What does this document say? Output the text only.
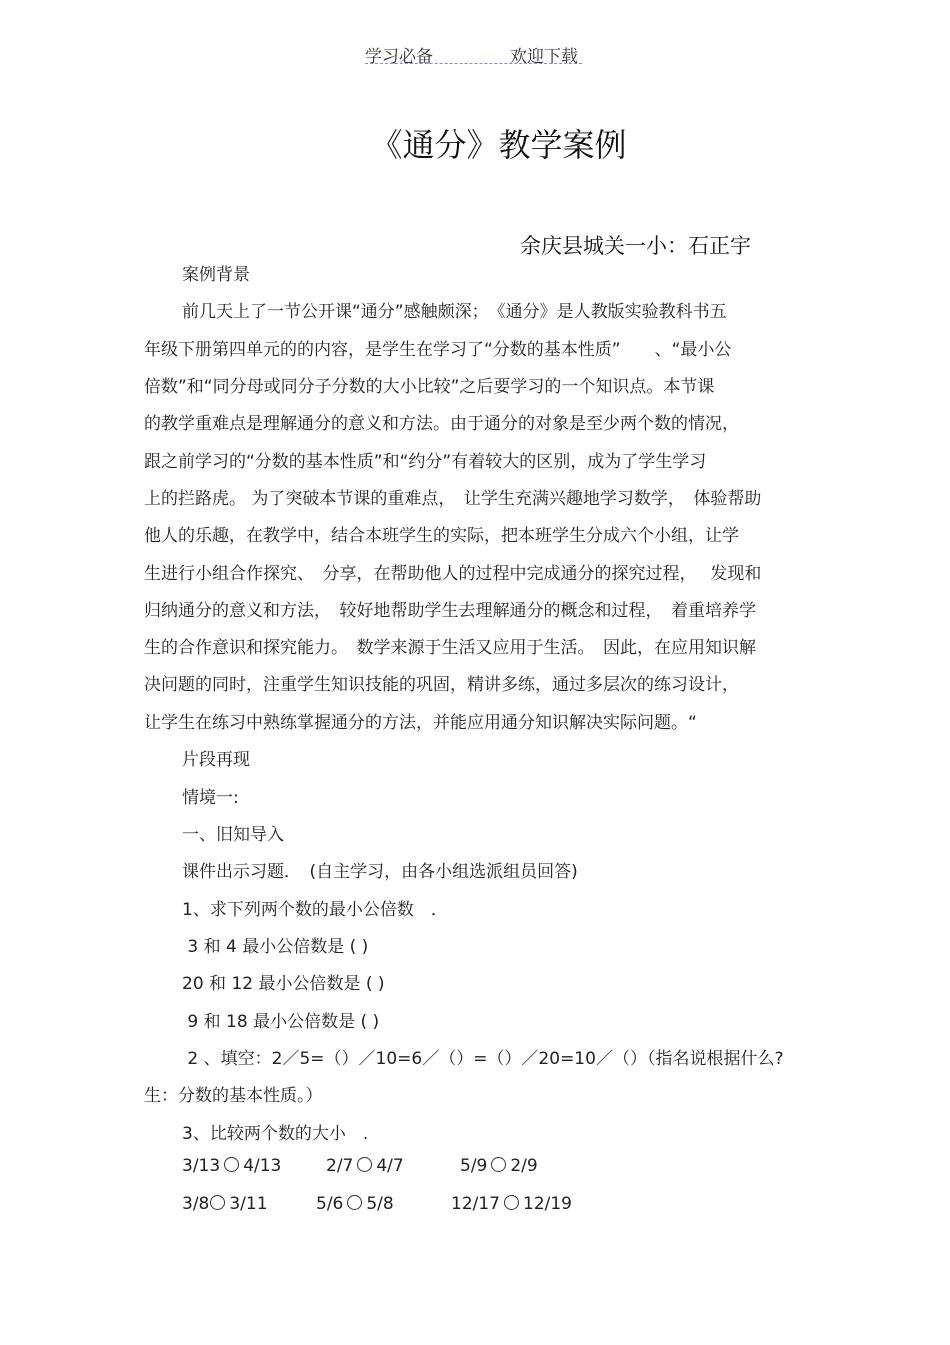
学习必备	欢迎下载
《通分》教学案例
余庆县城关一小：石正宇
案例背景
前几天上了一节公开课“通分”感触颇深；　《通分》是人教版实验教科书五
年级下册第四单元的的内容，是学生在学习了“分数的基本性质”　　、“最小公
倍数”和“同分母或同分子分数的大小比较”之后要学习的一个知识点。本节课
的教学重难点是理解通分的意义和方法。由于通分的对象是至少两个数的情况，
跟之前学习的“分数的基本性质”和“约分”有着较大的区别，成为了学生学习
上的拦路虎。 为了突破本节课的重难点，　让学生充满兴趣地学习数学，　体验帮助
他人的乐趣，在教学中，结合本班学生的实际，把本班学生分成六个小组，让学
生进行小组合作探究、　分享，在帮助他人的过程中完成通分的探究过程，　 发现和
归纳通分的意义和方法，　较好地帮助学生去理解通分的概念和过程，　着重培养学
生的合作意识和探究能力。　数学来源于生活又应用于生活。　因此，在应用知识解
决问题的同时，注重学生知识技能的巩固，精讲多练，通过多层次的练习设计，
让学生在练习中熟练掌握通分的方法，并能应用通分知识解决实际问题。“
片段再现
情境一:
一、旧知导入
课件出示习题．　(自主学习，由各小组选派组员回答)
1、求下列两个数的最小公倍数　．
3 和 4 最小公倍数是 ( )
20 和 12 最小公倍数是 ( )
9 和 18 最小公倍数是 ( )
2 、填空：2／5=（）／10=6／（）=（）／20=10／（）（指名说根据什么?
生：分数的基本性质。）
3、比较两个数的大小　.
3/13 4/13	2/7 4/7	5/9 2/9
3/8 3/11	5/6 5/8	12/17 12/19
